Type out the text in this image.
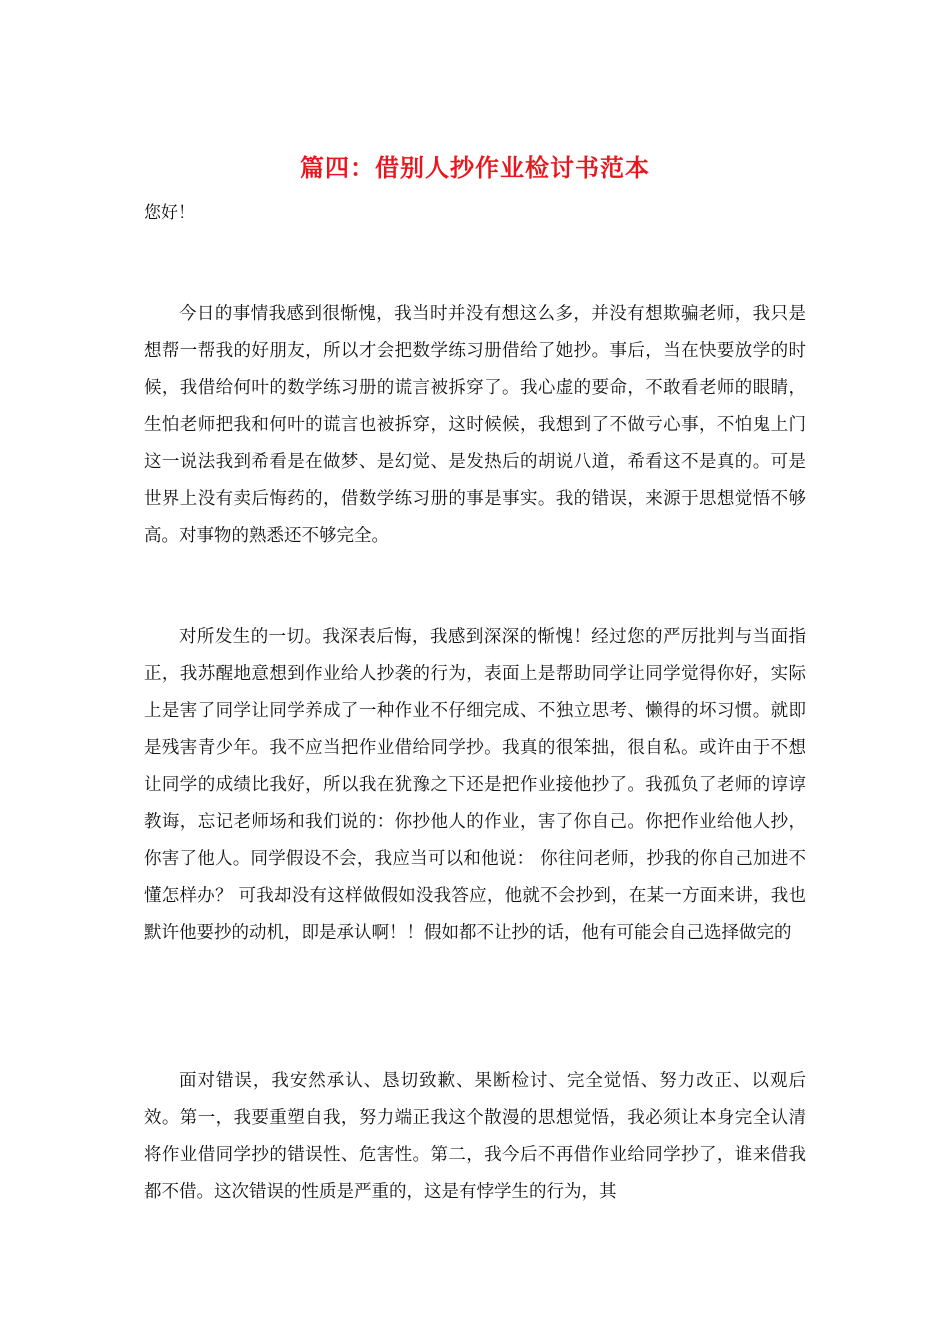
篇四：借别人抄作业检讨书范本
您好！

今日的事情我感到很惭愧，我当时并没有想这么多，并没有想欺骗老师，我只是想帮一帮我的好朋友，所以才会把数学练习册借给了她抄。事后，当在快要放学的时候，我借给何叶的数学练习册的谎言被拆穿了。我心虚的要命，不敢看老师的眼睛，生怕老师把我和何叶的谎言也被拆穿，这时候候，我想到了不做亏心事，不怕鬼上门 这一说法我到希看是在做梦、是幻觉、是发热后的胡说八道，希看这不是真的。可是世界上没有卖后悔药的，借数学练习册的事是事实。我的错误，来源于思想觉悟不够高。对事物的熟悉还不够完全。

对所发生的一切。我深表后悔，我感到深深的惭愧！经过您的严厉批判与当面指正，我苏醒地意想到作业给人抄袭的行为，表面上是帮助同学让同学觉得你好，实际上是害了同学让同学养成了一种作业不仔细完成、不独立思考、懒得的坏习惯。就即是残害青少年。我不应当把作业借给同学抄。我真的很笨拙，很自私。或许由于不想让同学的成绩比我好，所以我在犹豫之下还是把作业接他抄了。我孤负了老师的谆谆教诲，忘记老师场和我们说的：你抄他人的作业，害了你自己。你把作业给他人抄，你害了他人。同学假设不会，我应当可以和他说： 你往问老师，抄我的你自己加进不懂怎样办？ 可我却没有这样做假如没我答应，他就不会抄到，在某一方面来讲，我也默许他要抄的动机，即是承认啊！！假如都不让抄的话，他有可能会自己选择做完的

面对错误，我安然承认、恳切致歉、果断检讨、完全觉悟、努力改正、以观后效。第一，我要重塑自我，努力端正我这个散漫的思想觉悟，我必须让本身完全认清将作业借同学抄的错误性、危害性。第二，我今后不再借作业给同学抄了，谁来借我都不借。这次错误的性质是严重的，这是有悖学生的行为，其
